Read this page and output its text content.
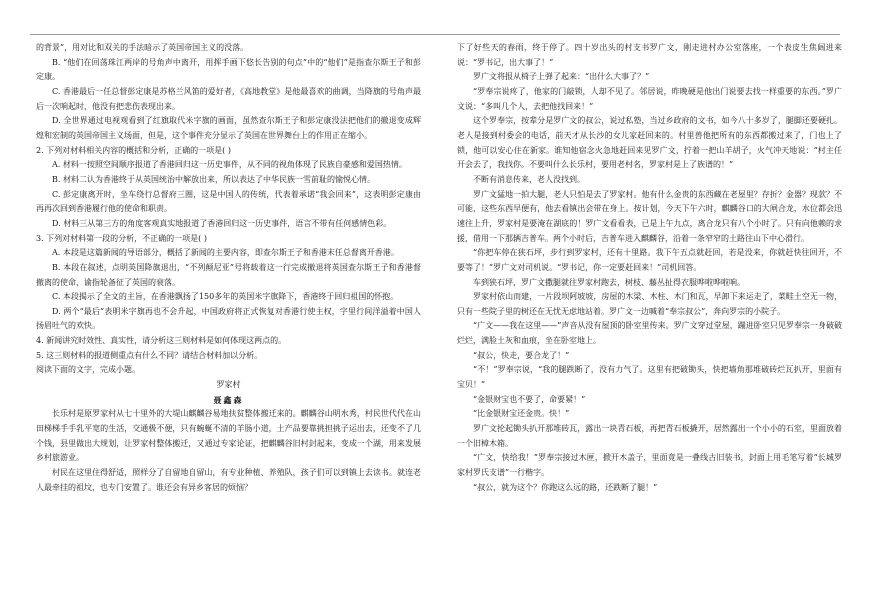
的背景”，用对比和双关的手法暗示了英国帝国主义的没落。

B. “他们在回荡珠江两岸的号角声中离开，用挥手画下悠长告别的句点”中的“他们”是指查尔斯王子和彭定康。

C. 香港最后一任总督彭定康是苏格兰风笛的爱好者，《高地教堂》是他最喜欢的曲调，当降旗的号角声最后一次响起时，他没有把悲伤表现出来。

D. 全世界通过电视观看到了红旗取代米字旗的画面，虽然查尔斯王子和彭定康没法把他们的撤退变成辉煌和宏制的英国帝国主义场面，但是，这个事件充分显示了英国在世界舞台上的作用正在缩小。

2. 下列对材料相关内容的概括和分析，正确的一项是( )

A. 材料一按照空间顺序报道了香港回归这一历史事件，从不同的视角体现了民族自豪感和爱国热情。

B. 材料二认为香港终于从英国统治中解放出来，所以表达了中华民族一雪前耻的愉悦心情。

C. 彭定康离开时，坐车绕行总督府三圈，这是中国人的传统，代表着承诺“我会回来”，这表明彭定康由再再次回到香港履行他的使命和职责。

D. 材料三从第三方的角度客观真实地报道了香港回归这一历史事件，语言不带有任何感情色彩。

3. 下列对材料第一段的分析，不正确的一项是( )

A. 本段是这篇新闻的导语部分，概括了新闻的主要内容，即查尔斯王子和香港末任总督离开香港。

B. 本段在叙述，点明英国降旗退出，“不列颠尼亚”号将载着这一行完成撤退将英国查尔斯王子和香港督撤离的使命，谕指轮备征了英国的衰落。

C. 本段揭示了全文的主旨，在香港飘扬了150多年的英国米字旗降下，香港终于回归祖国的怀抱。

D. 两个“最后”表明米字旗再也不会升起，中国政府将正式恢复对香港行使主权，字里行间洋溢着中国人扬眉吐气的欢快。

4. 新闻讲究时效性、真实性，请分析这三则材料是如何体现这两点的。

5. 这三则材料的报道侧重点有什么不同？请结合材料加以分析。

阅读下面的文字，完成小题。

罗家村

聂鑫森

长乐村是原罗家村从七十里外的大堤山麒麟谷易地扶贫整体搬迁来的。麒麟谷山明水秀，村民世代代在山田梯梯手手乳平宽的生活，交通极不便，只有蜿蜒不清的羊肠小道，土产品要靠挑担挑子运出去，还变不了几个钱，县里做出大规划，让罗家村整体搬迁，又通过专家论证，把麒麟谷旧村封起来，变成一个湖，用来发展乡村旅游业。

村民在这里住得舒适，照样分了自留地自留山，有专业种植、养殖队，孩子们可以到镇上去读书。就连老人最牵挂的祖坟，也专门安置了。谁还会有异乡客居的烦恼？

下了好些天的春雨，终于停了。四十岁出头的村支书罗广文，刚走进村办公室落座，一个表皮生焦阔进来说：“罗书记，出大事了！”

罗广文将报从椅子上弹了起来：“出什么大事了？”

“罗奉宗说疼了，他家的门敲锁，人却不见了。邻居说，昨晚硬是他出门说要去找一样重要的东西。”罗广文说：“多叫几个人，去把他找回来！”

这个罗奉宗，按辈分是罗广文的叔公，说过私塾，当过乡政府的文书，如今八十多岁了，腿脚还要硬扎。老人是接到村委会的电话，前天才从长沙的女儿家赶回来的。村里兽他把所有的东西都搬过来了，门也上了锁，他可以安心住在新家。谁知他宿念火急地赶回来见罗广文，拧着一把山羊胡子，火气冲天地说：“村主任开会去了，我找你。不要叫什么长乐村，要用老村名，罗家村是上了族谱的！”

不断有消息传来，老人没找到。

罗广文猛地一拍大腿，老人只怕是去了罗家村。他有什么金贵的东西藏在老屋里？存折？金器？现款？不可能，这些东西早便有，他去看镇出会带在身上。按计划，今天下午六时，麒麟谷口的大闸合龙，水位都会迅速往上升，罗家村是要淹在湖底的！罗广文看看表，已是上午九点，离合龙只有八个小时了。只有向他赖的求援，借用一下那辆吉普车。两个小时后，吉普车进入麒麟谷，沿着一条窄窄的土路往山下中心滑行。

“你把车停在狭石坪，步行到罗家村，还有十里路。我下午五点就赶回，若是没来，你就赶快往回开，不要等了！”罗广文对司机说。“罗书记，你一定要赶回来！”司机回答。

车到狭石坪，罗广文撒腿就往罗家村跑去，树枝、藤丛扯得衣服哗啦哗啦响。

罗家村依山而建，一片段坝阿坡坡，房屋的木梁、木柱、木门和瓦，早卸下来运走了，菜畦土空无一物，只有一些院子里的树还在无忧无虑地站着。罗广文一边喊着“奉宗叔公”，奔向罗宗的小院子。

“广文——我在这里——”声音从没有屋顶的卧室里传来。罗广文穿过堂屋，蹦进卧室只见罗奉宗一身破破烂烂，满脸土灰和血痕，坐在卧室地上。

“叔公，快走，要合龙了！”

“不！”罗奉宗说，“我的腿跌断了，没有力气了。这里有把破锄头，快把墙角那堆破砖烂瓦扒开，里面有宝贝！”

“金银财宝也不要了，命要紧！”

“比金银财宝还金贵。快！”

罗广文抡起锄头扒开那堆砖瓦，露出一块青石板，再把青石板撬开，居然露出一个小小的石室，里面放着一个旧樟木箱。

“广文，快给我！”罗奉宗接过木匣，掀开木盖子，里面竟是一叠线古旧装书，封面上用毛笔写着“长城罗家村罗氏支谱”一行楷字。

“叔公，就为这个？你跑这么远的路，还跌断了腿！”
